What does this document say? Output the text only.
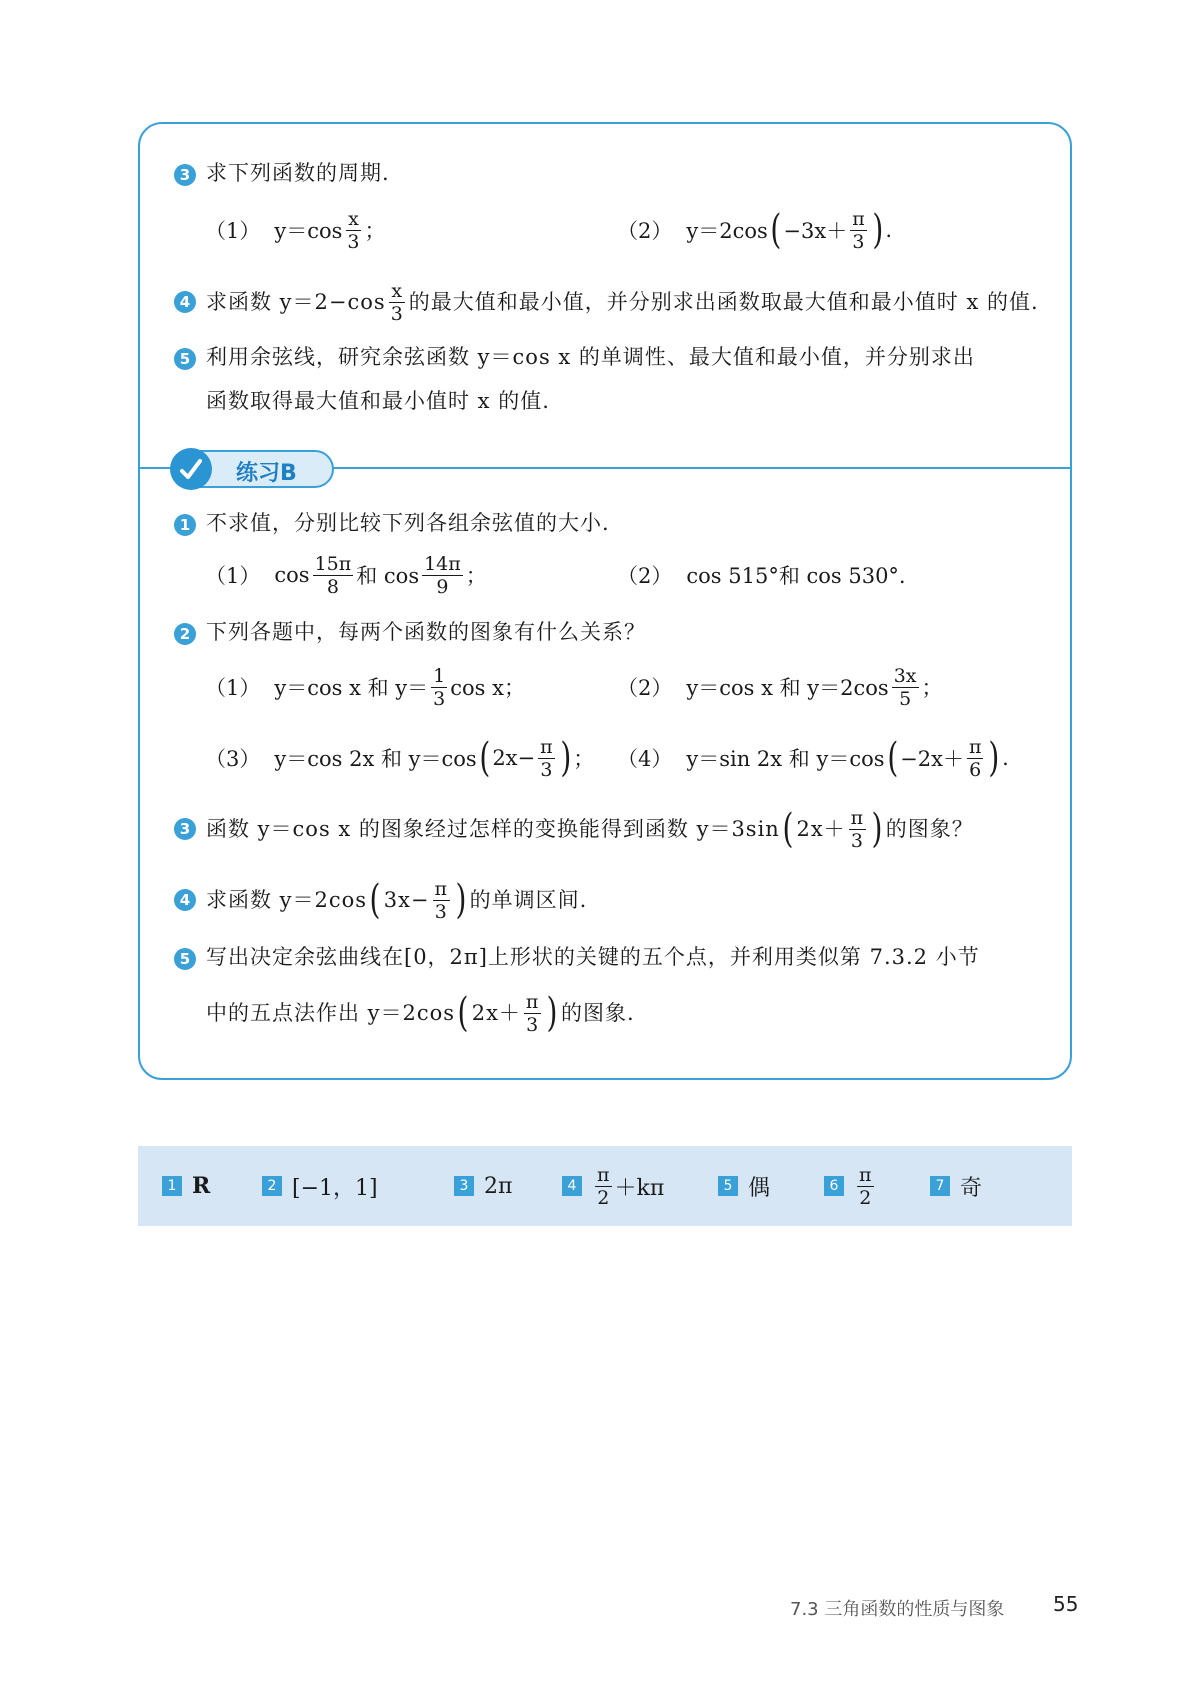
3 求下列函数的周期.
（1） $y=\cos \frac{x}{3}$ ；	（2） y＝2cos ( $-3x+ \frac{\pi}{3}$ ) .
4 求函数 $y=2-\cos \frac{x}{3}$ 的最大值和最小值，并分别求出函数取最大值和最小值时 x 的值.
5 利用余弦线，研究余弦函数 y＝cos x 的单调性、最大值和最小值，并分别求出
函数取得最大值和最小值时 x 的值.
练习B
1 不求值，分别比较下列各组余弦值的大小.
（1） $\cos \frac{15\pi}{8}$ 和 $\cos \frac{14\pi}{9}$ ；	（2） cos 515°和 cos 530°.
2 下列各题中，每两个函数的图象有什么关系？
（1） y＝cos x 和 $y= \frac{1}{3}$ cos x；	（2） y＝cos x 和 $y=2\cos \frac{3x}{5}$ ；
（3） y＝cos 2x 和 y＝cos ( $2x- \frac{\pi}{3}$ ) ； （4） y＝sin 2x 和 y＝cos ( $-2x+ \frac{\pi}{6}$ ) .
3 函数 y＝cos x 的图象经过怎样的变换能得到函数 y＝3sin ( $2x+ \frac{\pi}{3}$ ) 的图象？
4 求函数 y＝2cos ( $3x- \frac{\pi}{3}$ ) 的单调区间.
5 写出决定余弦曲线在[0，2π]上形状的关键的五个点，并利用类似第 7.3.2 小节
中的五点法作出 y＝2cos ( $2x+ \frac{\pi}{3}$ ) 的图象.
1 R	2 [−1，1]	3 2π	$4 \frac{\pi}{2} +k\pi$	5 偶	$6 \frac{\pi}{2}$	7 奇
7.3 三角函数的性质与图象 55
